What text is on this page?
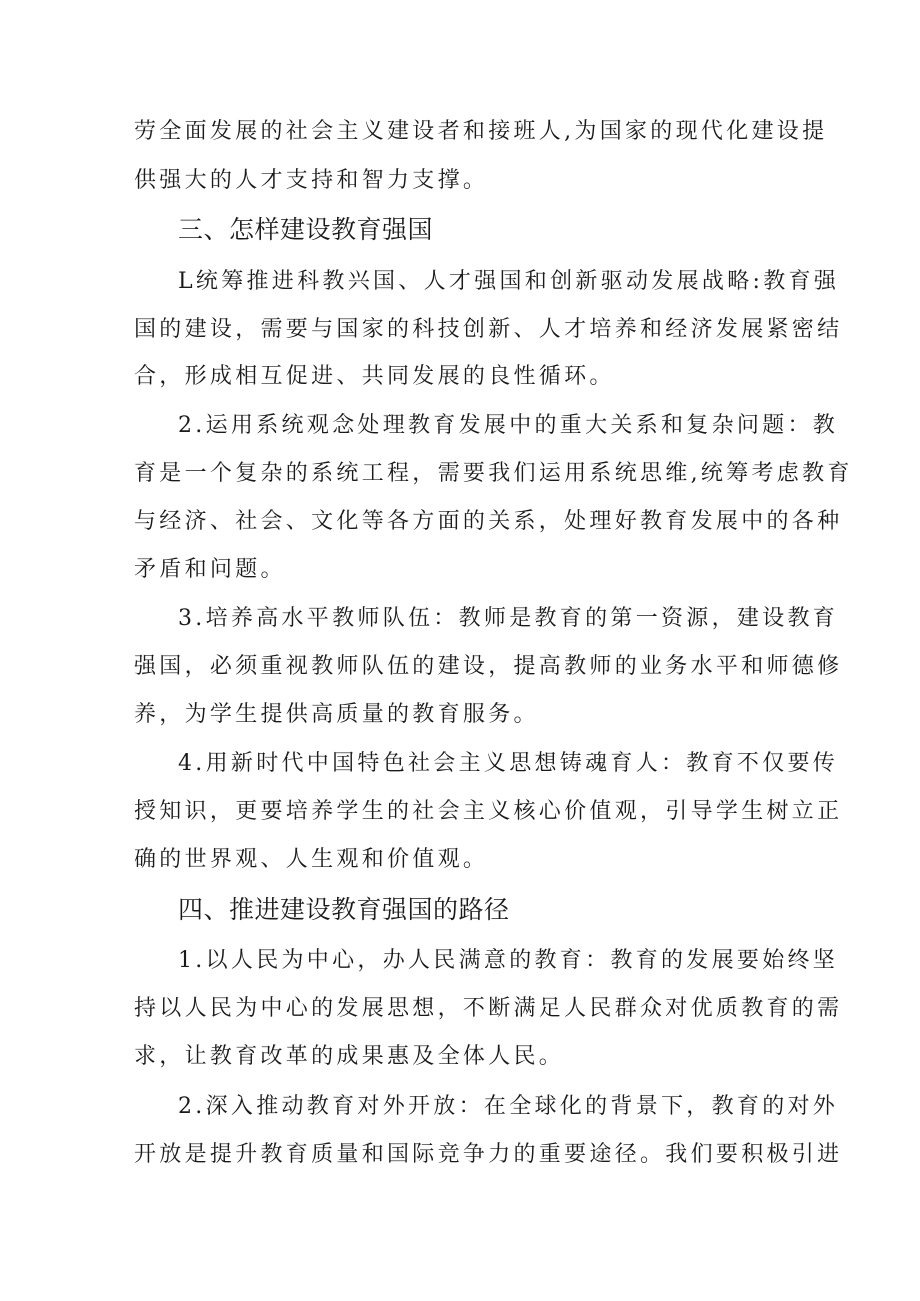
劳全面发展的社会主义建设者和接班人,为国家的现代化建设提
供强大的人才支持和智力支撑。
三、怎样建设教育强国
L统筹推进科教兴国、人才强国和创新驱动发展战略:教育强
国的建设，需要与国家的科技创新、人才培养和经济发展紧密结
合，形成相互促进、共同发展的良性循环。
2.运用系统观念处理教育发展中的重大关系和复杂问题：教
育是一个复杂的系统工程，需要我们运用系统思维,统筹考虑教育
与经济、社会、文化等各方面的关系，处理好教育发展中的各种
矛盾和问题。
3.培养高水平教师队伍：教师是教育的第一资源，建设教育
强国，必须重视教师队伍的建设，提高教师的业务水平和师德修
养，为学生提供高质量的教育服务。
4.用新时代中国特色社会主义思想铸魂育人：教育不仅要传
授知识，更要培养学生的社会主义核心价值观，引导学生树立正
确的世界观、人生观和价值观。
四、推进建设教育强国的路径
1.以人民为中心，办人民满意的教育：教育的发展要始终坚
持以人民为中心的发展思想，不断满足人民群众对优质教育的需
求，让教育改革的成果惠及全体人民。
2.深入推动教育对外开放：在全球化的背景下，教育的对外
开放是提升教育质量和国际竞争力的重要途径。我们要积极引进
